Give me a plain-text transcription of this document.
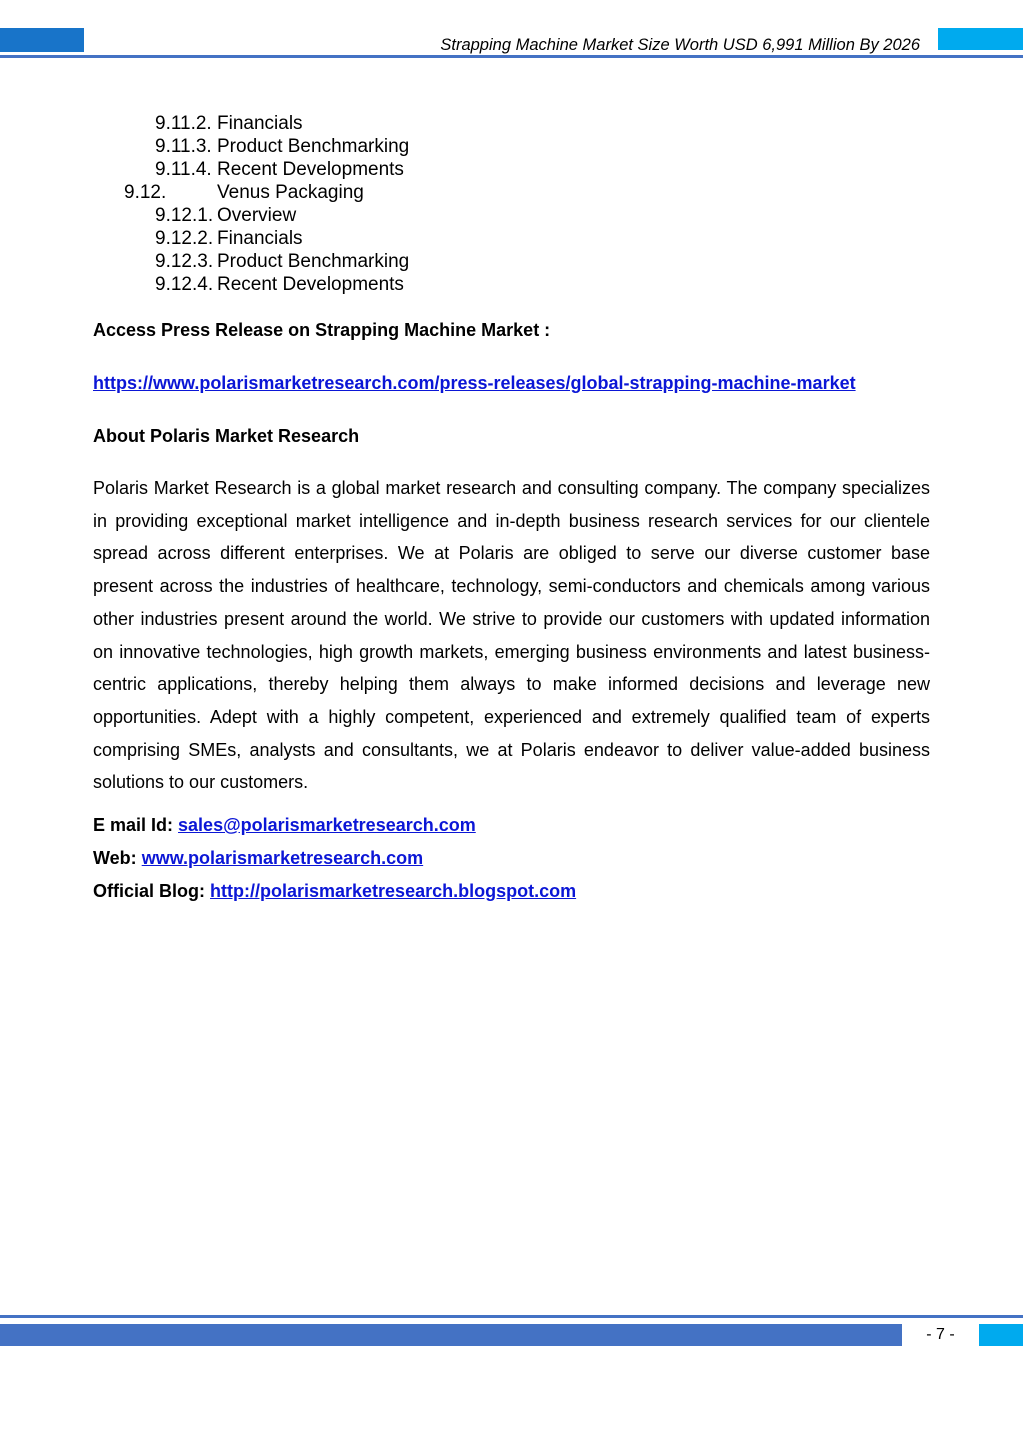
Strapping Machine Market Size Worth USD 6,991 Million By 2026
9.11.2. Financials
9.11.3. Product Benchmarking
9.11.4. Recent Developments
9.12.	Venus Packaging
9.12.1. Overview
9.12.2. Financials
9.12.3. Product Benchmarking
9.12.4. Recent Developments
Access Press Release on Strapping Machine Market :
https://www.polarismarketresearch.com/press-releases/global-strapping-machine-market
About Polaris Market Research
Polaris Market Research is a global market research and consulting company. The company specializes in providing exceptional market intelligence and in-depth business research services for our clientele spread across different enterprises. We at Polaris are obliged to serve our diverse customer base present across the industries of healthcare, technology, semi-conductors and chemicals among various other industries present around the world. We strive to provide our customers with updated information on innovative technologies, high growth markets, emerging business environments and latest business-centric applications, thereby helping them always to make informed decisions and leverage new opportunities. Adept with a highly competent, experienced and extremely qualified team of experts comprising SMEs, analysts and consultants, we at Polaris endeavor to deliver value-added business solutions to our customers.
E mail Id: sales@polarismarketresearch.com
Web: www.polarismarketresearch.com
Official Blog: http://polarismarketresearch.blogspot.com
- 7 -
